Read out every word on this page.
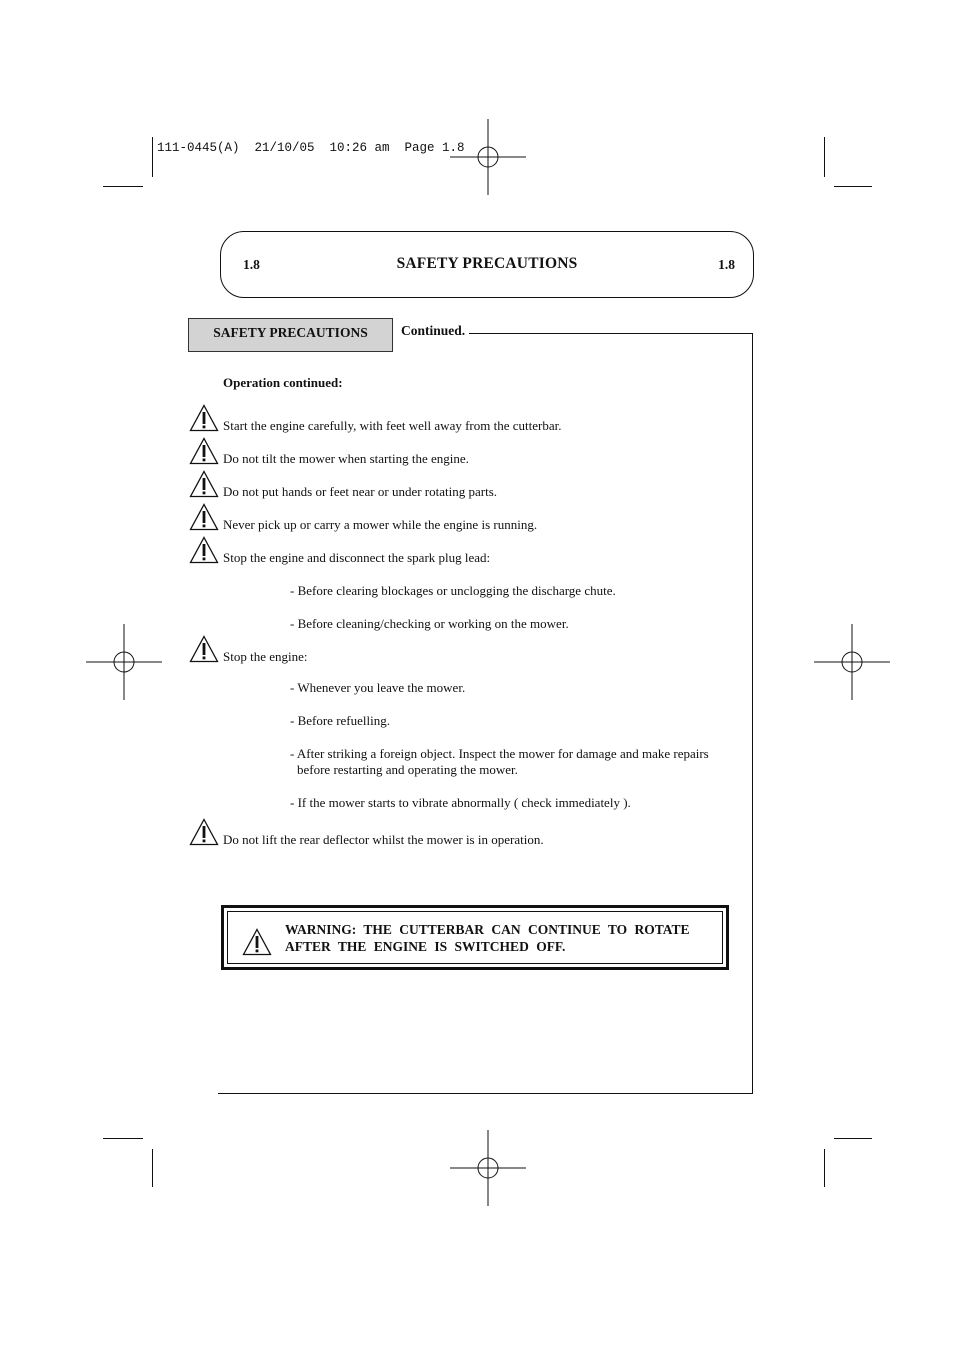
111-0445(A)  21/10/05  10:26 am  Page 1.8
1.8	SAFETY PRECAUTIONS	1.8
SAFETY PRECAUTIONS	Continued.
Operation continued:
Start the engine carefully, with feet well away from the cutterbar.
Do not tilt the mower when starting the engine.
Do not put hands or feet near or under rotating parts.
Never pick up or carry a mower while the engine is running.
Stop the engine and disconnect the spark plug lead:
- Before clearing blockages or unclogging the discharge chute.
- Before cleaning/checking or working on the mower.
Stop the engine:
- Whenever you leave the mower.
- Before refuelling.
- After striking a foreign object. Inspect the mower for damage and make repairs
before restarting and operating the mower.
- If the mower starts to vibrate abnormally ( check immediately ).
Do not lift the rear deflector whilst the mower is in operation.
WARNING: THE CUTTERBAR CAN CONTINUE TO ROTATE
AFTER THE ENGINE IS SWITCHED OFF.
